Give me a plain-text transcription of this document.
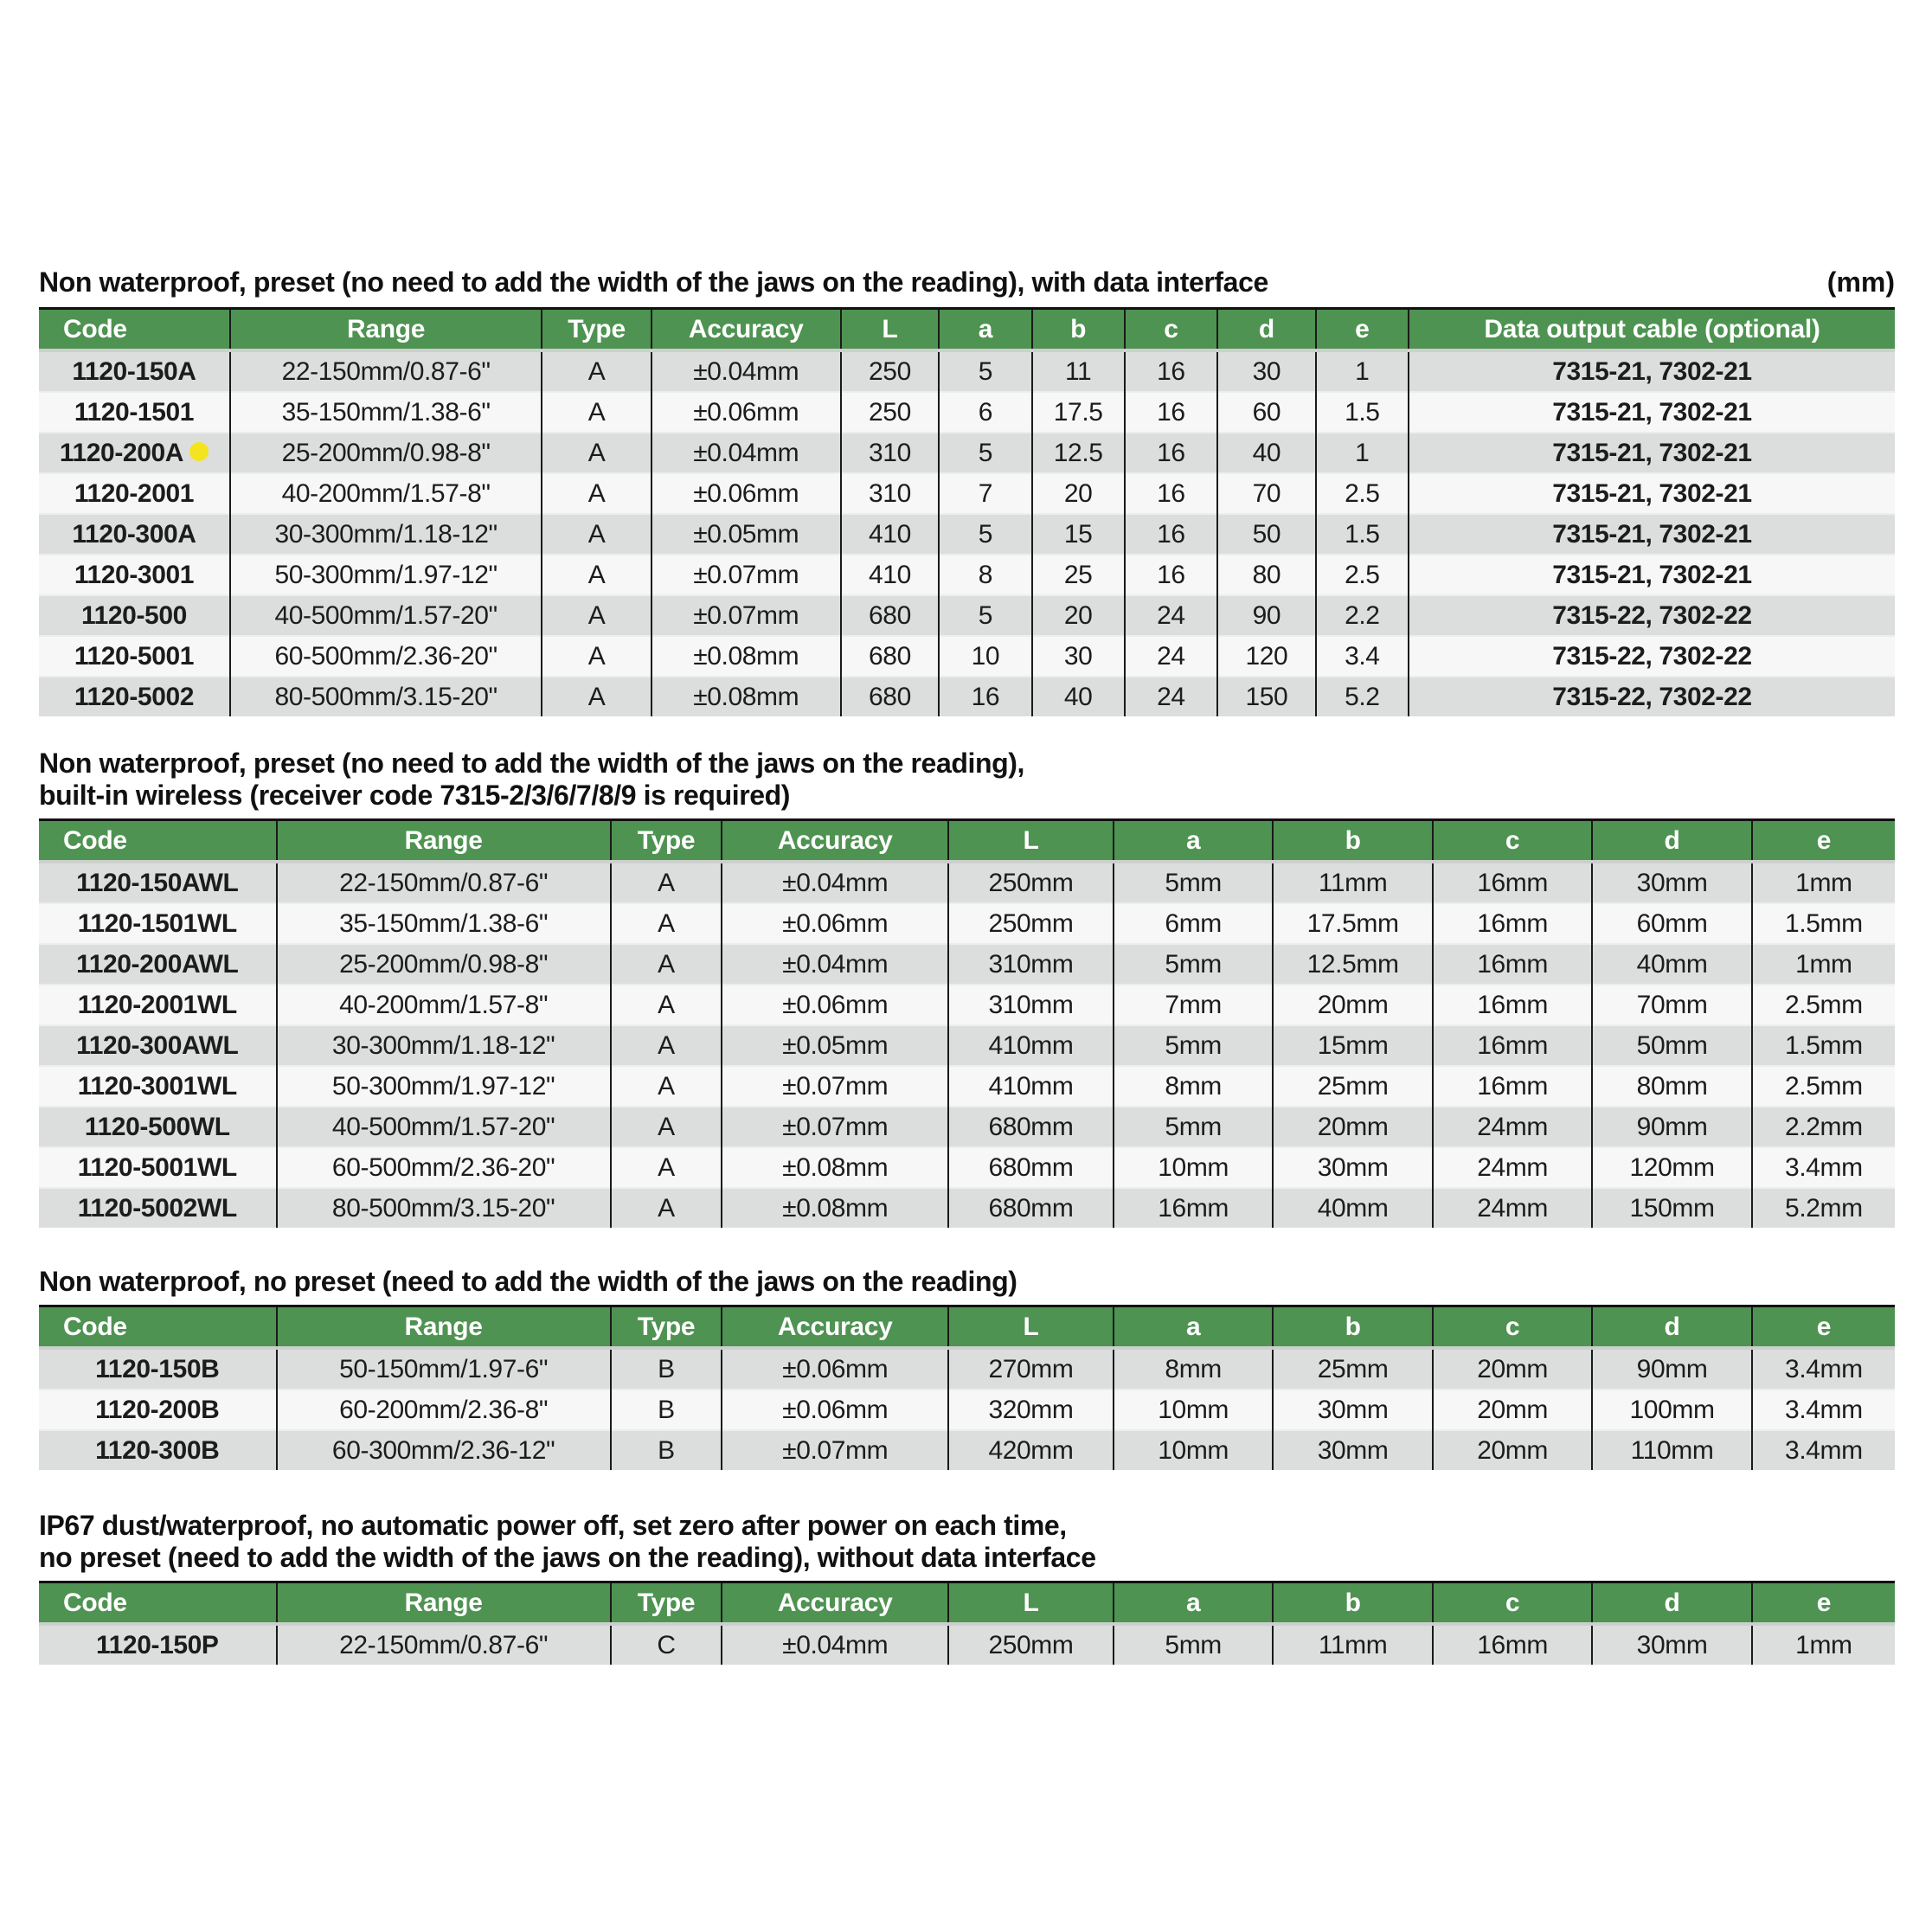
Non waterproof, preset (no need to add the width of the jaws on the reading), with data interface	(mm)
Code	Range	Type	Accuracy	L	a	b	c	d	e	Data output cable (optional)
1120-150A	22-150mm/0.87-6"	A	±0.04mm	250	5	11	16	30	1	7315-21, 7302-21
1120-1501	35-150mm/1.38-6"	A	±0.06mm	250	6	17.5	16	60	1.5	7315-21, 7302-21
1120-200A	25-200mm/0.98-8"	A	±0.04mm	310	5	12.5	16	40	1	7315-21, 7302-21
1120-2001	40-200mm/1.57-8"	A	±0.06mm	310	7	20	16	70	2.5	7315-21, 7302-21
1120-300A	30-300mm/1.18-12"	A	±0.05mm	410	5	15	16	50	1.5	7315-21, 7302-21
1120-3001	50-300mm/1.97-12"	A	±0.07mm	410	8	25	16	80	2.5	7315-21, 7302-21
1120-500	40-500mm/1.57-20"	A	±0.07mm	680	5	20	24	90	2.2	7315-22, 7302-22
1120-5001	60-500mm/2.36-20"	A	±0.08mm	680	10	30	24	120	3.4	7315-22, 7302-22
1120-5002	80-500mm/3.15-20"	A	±0.08mm	680	16	40	24	150	5.2	7315-22, 7302-22
Non waterproof, preset (no need to add the width of the jaws on the reading),
built-in wireless (receiver code 7315-2/3/6/7/8/9 is required)
Code	Range	Type	Accuracy	L	a	b	c	d	e
1120-150AWL	22-150mm/0.87-6"	A	±0.04mm	250mm	5mm	11mm	16mm	30mm	1mm
1120-1501WL	35-150mm/1.38-6"	A	±0.06mm	250mm	6mm	17.5mm	16mm	60mm	1.5mm
1120-200AWL	25-200mm/0.98-8"	A	±0.04mm	310mm	5mm	12.5mm	16mm	40mm	1mm
1120-2001WL	40-200mm/1.57-8"	A	±0.06mm	310mm	7mm	20mm	16mm	70mm	2.5mm
1120-300AWL	30-300mm/1.18-12"	A	±0.05mm	410mm	5mm	15mm	16mm	50mm	1.5mm
1120-3001WL	50-300mm/1.97-12"	A	±0.07mm	410mm	8mm	25mm	16mm	80mm	2.5mm
1120-500WL	40-500mm/1.57-20"	A	±0.07mm	680mm	5mm	20mm	24mm	90mm	2.2mm
1120-5001WL	60-500mm/2.36-20"	A	±0.08mm	680mm	10mm	30mm	24mm	120mm	3.4mm
1120-5002WL	80-500mm/3.15-20"	A	±0.08mm	680mm	16mm	40mm	24mm	150mm	5.2mm
Non waterproof, no preset (need to add the width of the jaws on the reading)
Code	Range	Type	Accuracy	L	a	b	c	d	e
1120-150B	50-150mm/1.97-6"	B	±0.06mm	270mm	8mm	25mm	20mm	90mm	3.4mm
1120-200B	60-200mm/2.36-8"	B	±0.06mm	320mm	10mm	30mm	20mm	100mm	3.4mm
1120-300B	60-300mm/2.36-12"	B	±0.07mm	420mm	10mm	30mm	20mm	110mm	3.4mm
IP67 dust/waterproof, no automatic power off, set zero after power on each time,
no preset (need to add the width of the jaws on the reading), without data interface
Code	Range	Type	Accuracy	L	a	b	c	d	e
1120-150P	22-150mm/0.87-6"	C	±0.04mm	250mm	5mm	11mm	16mm	30mm	1mm
